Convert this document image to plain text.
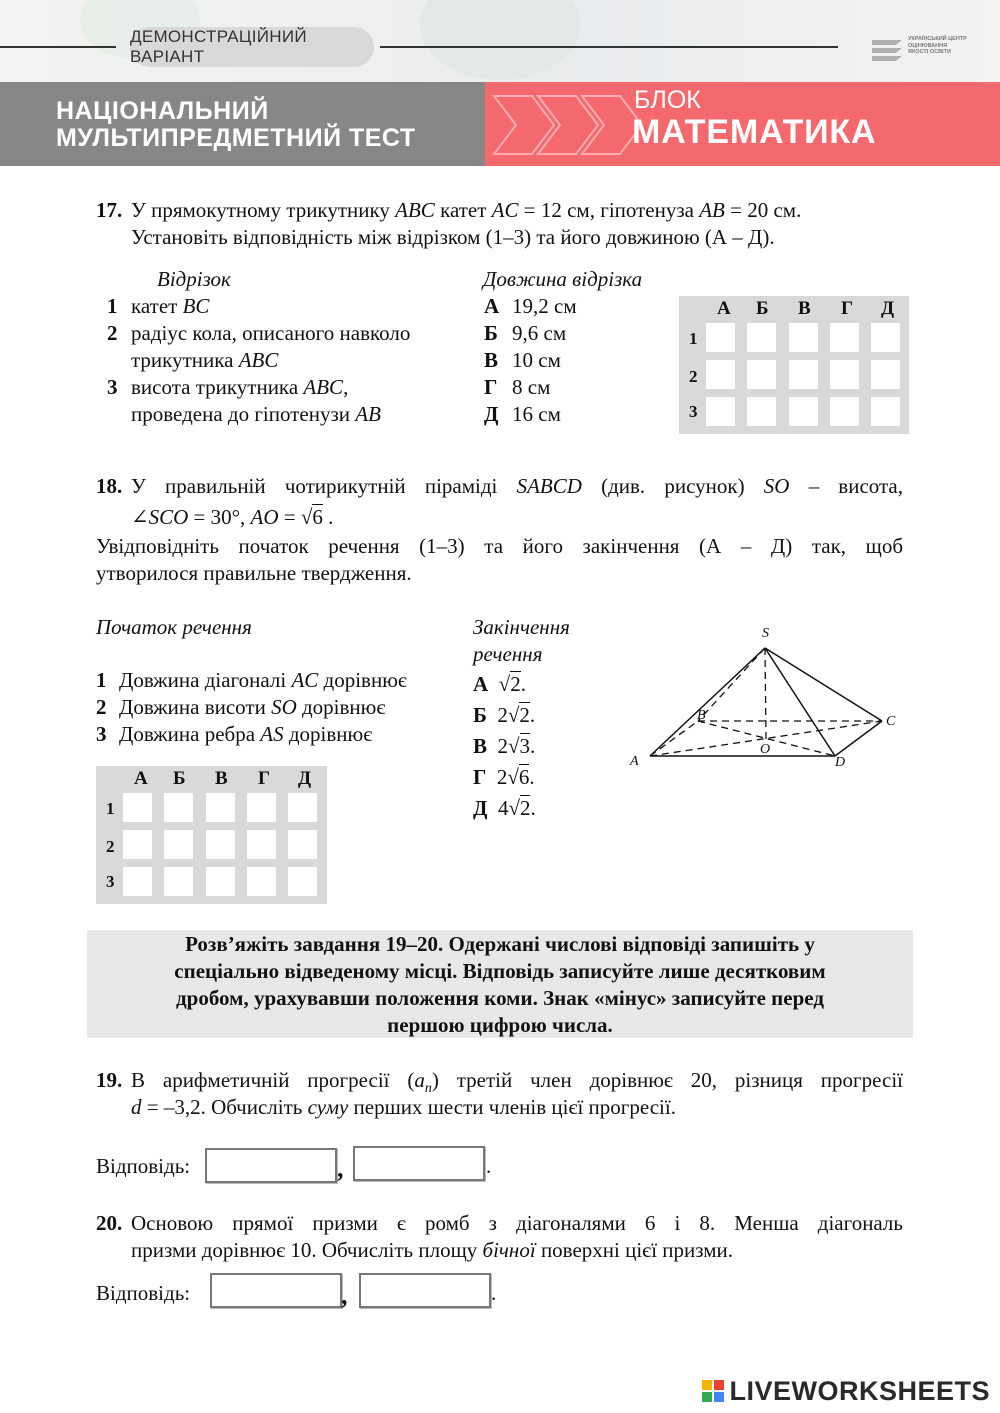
ДЕМОНСТРАЦІЙНИЙ ВАРІАНТ
УКРАЇНСЬКИЙ ЦЕНТР ОЦІНЮВАННЯ ЯКОСТІ ОСВІТИ
НАЦІОНАЛЬНИЙ
МУЛЬТИПРЕДМЕТНИЙ ТЕСТ
БЛОК
МАТЕМАТИКА
17. У прямокутному трикутнику ABC катет AC = 12 см, гіпотенуза AB = 20 см.
Установіть відповідність між відрізком (1–3) та його довжиною (А – Д).
Відрізок	Довжина відрізка
1 катет BC
2 радіус кола, описаного навколо
трикутника ABC
3 висота трикутника ABC,
проведена до гіпотенузи AB
А 19,2 см
Б 9,6 см
В 10 см
Г 8 см
Д 16 см
А Б В Г Д
1
2
3
18. У правильній чотирикутній піраміді SABCD (див. рисунок) SO – висота,
∠SCO = 30°, AO = √6 .
Увідповідніть початок речення (1–3) та його закінчення (А – Д) так, щоб
утворилося правильне твердження.
Початок речення	Закінчення
речення
1 Довжина діагоналі AC дорівнює
2 Довжина висоти SO дорівнює
3 Довжина ребра AS дорівнює
А √2.
Б 2√2.
В 2√3.
Г 2√6.
Д 4√2.
S
A
B	C
D
O
А Б В Г Д
1
2
3
Розв’яжіть завдання 19–20. Одержані числові відповіді запишіть у
спеціально відведеному місці. Відповідь записуйте лише десятковим
дробом, урахувавши положення коми. Знак «мінус» записуйте перед
першою цифрою числа.
19. В арифметичній прогресії $(a_n)$ третій член дорівнює 20, різниця прогресії
d = –3,2. Обчисліть суму перших шести членів цієї прогресії.
Відповідь:	,	.
20. Основою прямої призми є ромб з діагоналями 6 і 8. Менша діагональ
призми дорівнює 10. Обчисліть площу бічної поверхні цієї призми.
Відповідь:	,	.
LIVEWORKSHEETS
